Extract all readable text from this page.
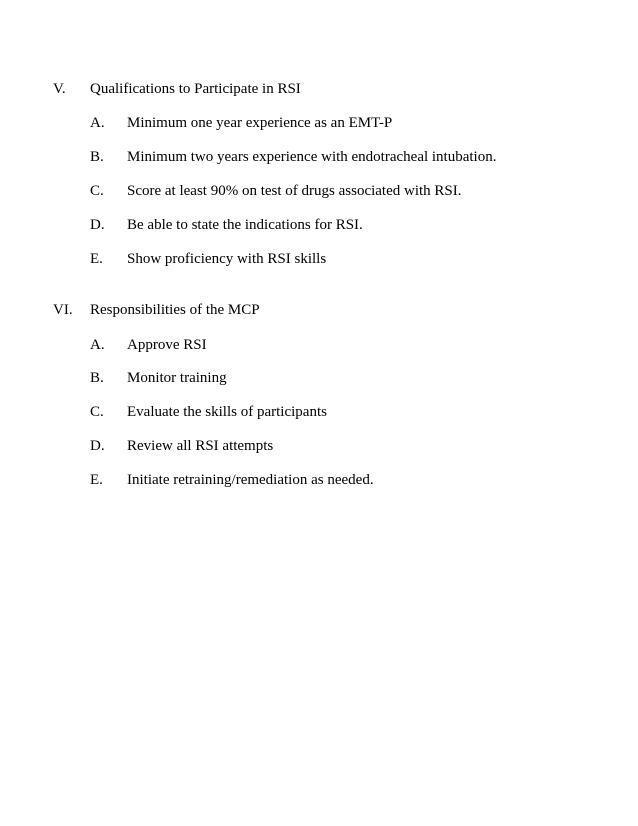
V. Qualifications to Participate in RSI
A. Minimum one year experience as an EMT-P
B. Minimum two years experience with endotracheal intubation.
C. Score at least 90% on test of drugs associated with RSI.
D. Be able to state the indications for RSI.
E. Show proficiency with RSI skills
VI. Responsibilities of the MCP
A. Approve RSI
B. Monitor training
C. Evaluate the skills of participants
D. Review all RSI attempts
E. Initiate retraining/remediation as needed.
